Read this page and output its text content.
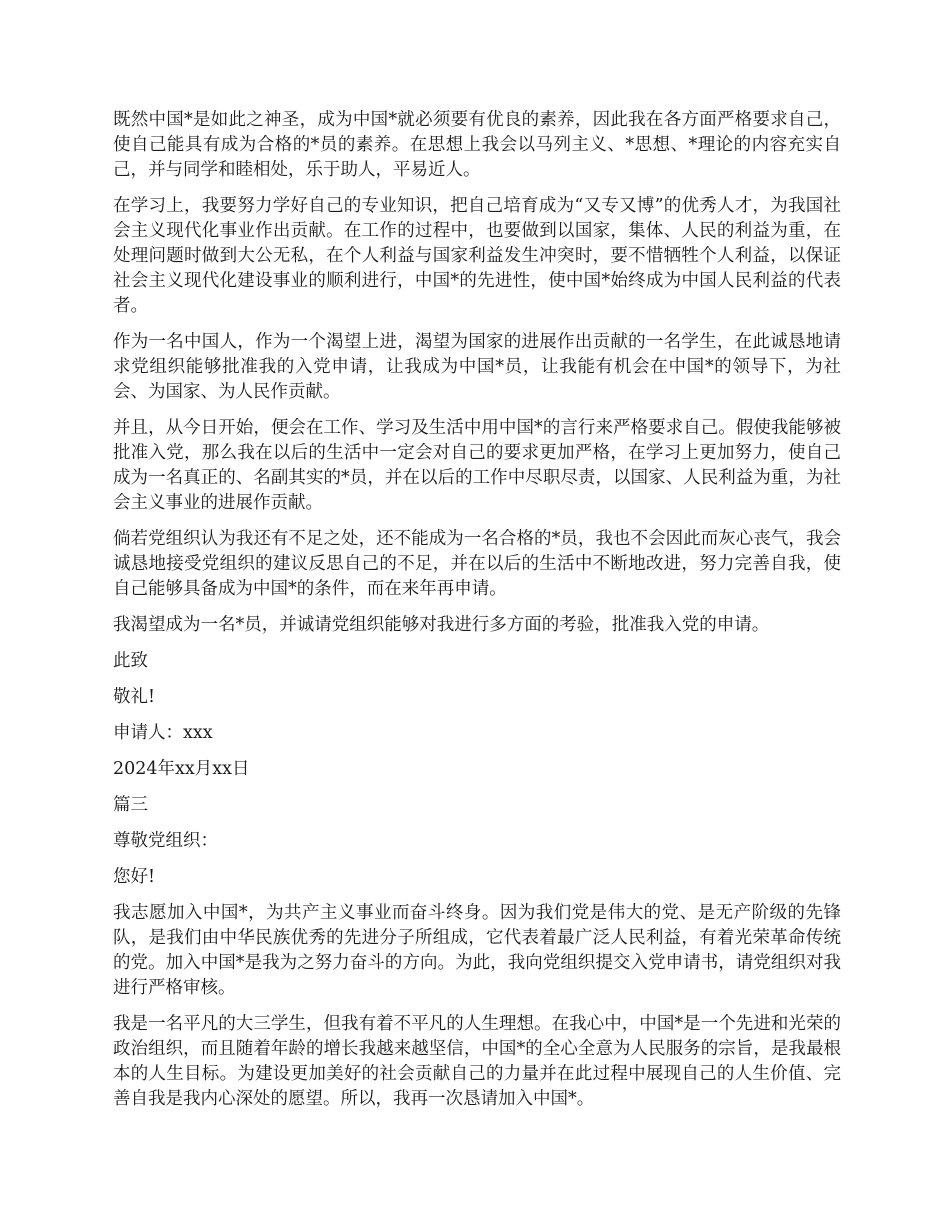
既然中国*是如此之神圣，成为中国*就必须要有优良的素养，因此我在各方面严格要求自己，使自己能具有成为合格的*员的素养。在思想上我会以马列主义、*思想、*理论的内容充实自己，并与同学和睦相处，乐于助人，平易近人。

在学习上，我要努力学好自己的专业知识，把自己培育成为“又专又博”的优秀人才，为我国社会主义现代化事业作出贡献。在工作的过程中，也要做到以国家，集体、人民的利益为重，在处理问题时做到大公无私，在个人利益与国家利益发生冲突时，要不惜牺牲个人利益，以保证社会主义现代化建设事业的顺利进行，中国*的先进性，使中国*始终成为中国人民利益的代表者。

作为一名中国人，作为一个渴望上进，渴望为国家的进展作出贡献的一名学生，在此诚恳地请求党组织能够批准我的入党申请，让我成为中国*员，让我能有机会在中国*的领导下，为社会、为国家、为人民作贡献。

并且，从今日开始，便会在工作、学习及生活中用中国*的言行来严格要求自己。假使我能够被批准入党，那么我在以后的生活中一定会对自己的要求更加严格，在学习上更加努力，使自己成为一名真正的、名副其实的*员，并在以后的工作中尽职尽责，以国家、人民利益为重，为社会主义事业的进展作贡献。

倘若党组织认为我还有不足之处，还不能成为一名合格的*员，我也不会因此而灰心丧气，我会诚恳地接受党组织的建议反思自己的不足，并在以后的生活中不断地改进，努力完善自我，使自己能够具备成为中国*的条件，而在来年再申请。

我渴望成为一名*员，并诚请党组织能够对我进行多方面的考验，批准我入党的申请。

此致

敬礼!

申请人：xxx

2024年xx月xx日

篇三

尊敬党组织：

您好!

我志愿加入中国*，为共产主义事业而奋斗终身。因为我们党是伟大的党、是无产阶级的先锋队，是我们由中华民族优秀的先进分子所组成，它代表着最广泛人民利益，有着光荣革命传统的党。加入中国*是我为之努力奋斗的方向。为此，我向党组织提交入党申请书，请党组织对我进行严格审核。

我是一名平凡的大三学生，但我有着不平凡的人生理想。在我心中，中国*是一个先进和光荣的政治组织，而且随着年龄的增长我越来越坚信，中国*的全心全意为人民服务的宗旨，是我最根本的人生目标。为建设更加美好的社会贡献自己的力量并在此过程中展现自己的人生价值、完善自我是我内心深处的愿望。所以，我再一次恳请加入中国*。
